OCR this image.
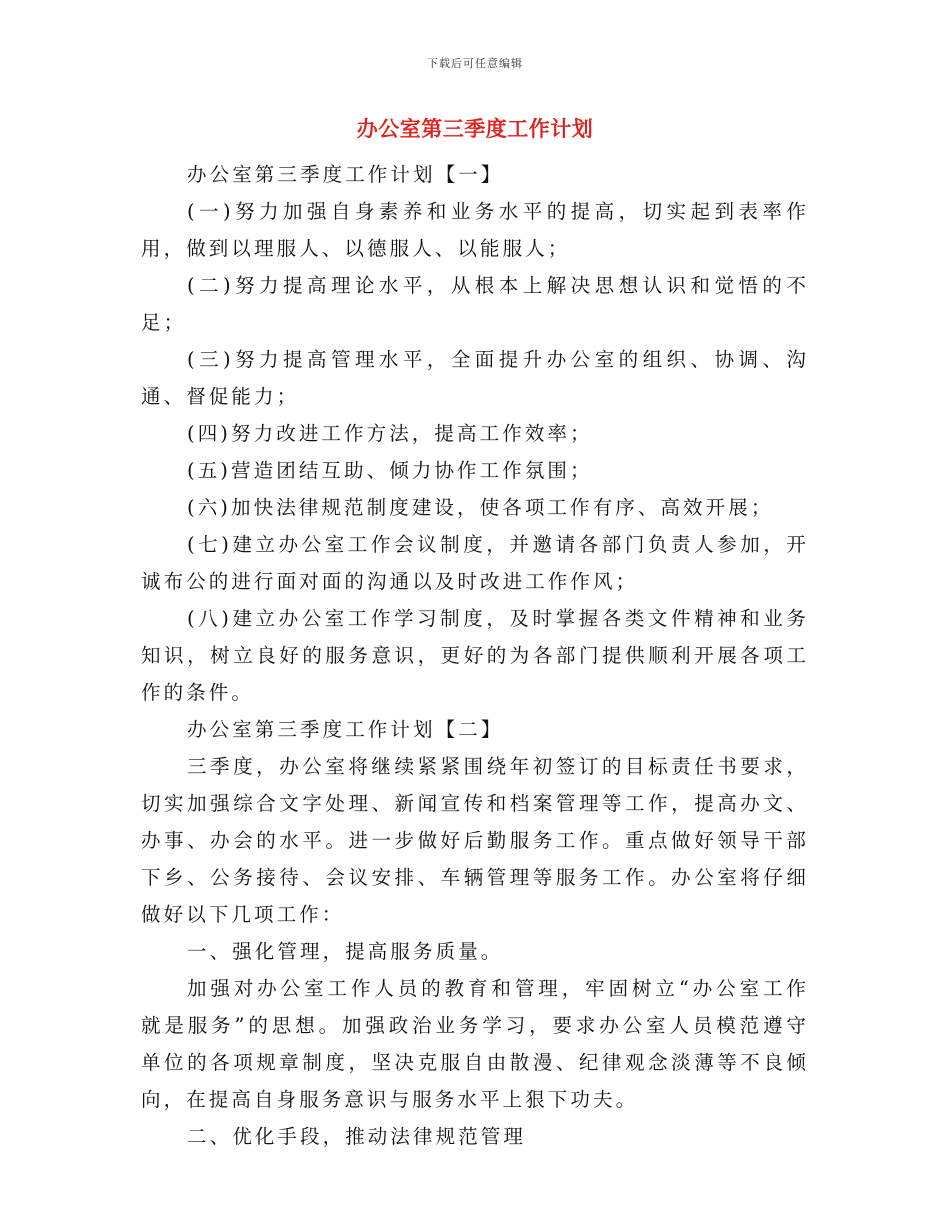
下载后可任意编辑
办公室第三季度工作计划

办公室第三季度工作计划【一】

(一)努力加强自身素养和业务水平的提高，切实起到表率作用，做到以理服人、以德服人、以能服人；

(二)努力提高理论水平，从根本上解决思想认识和觉悟的不足；

(三)努力提高管理水平，全面提升办公室的组织、协调、沟通、督促能力；

(四)努力改进工作方法，提高工作效率；

(五)营造团结互助、倾力协作工作氛围；

(六)加快法律规范制度建设，使各项工作有序、高效开展；

(七)建立办公室工作会议制度，并邀请各部门负责人参加，开诚布公的进行面对面的沟通以及时改进工作作风；

(八)建立办公室工作学习制度，及时掌握各类文件精神和业务知识，树立良好的服务意识，更好的为各部门提供顺利开展各项工作的条件。

办公室第三季度工作计划【二】

三季度，办公室将继续紧紧围绕年初签订的目标责任书要求，切实加强综合文字处理、新闻宣传和档案管理等工作，提高办文、办事、办会的水平。进一步做好后勤服务工作。重点做好领导干部下乡、公务接待、会议安排、车辆管理等服务工作。办公室将仔细做好以下几项工作：

一、强化管理，提高服务质量。

加强对办公室工作人员的教育和管理，牢固树立“办公室工作就是服务”的思想。加强政治业务学习，要求办公室人员模范遵守单位的各项规章制度，坚决克服自由散漫、纪律观念淡薄等不良倾向，在提高自身服务意识与服务水平上狠下功夫。

二、优化手段，推动法律规范管理
